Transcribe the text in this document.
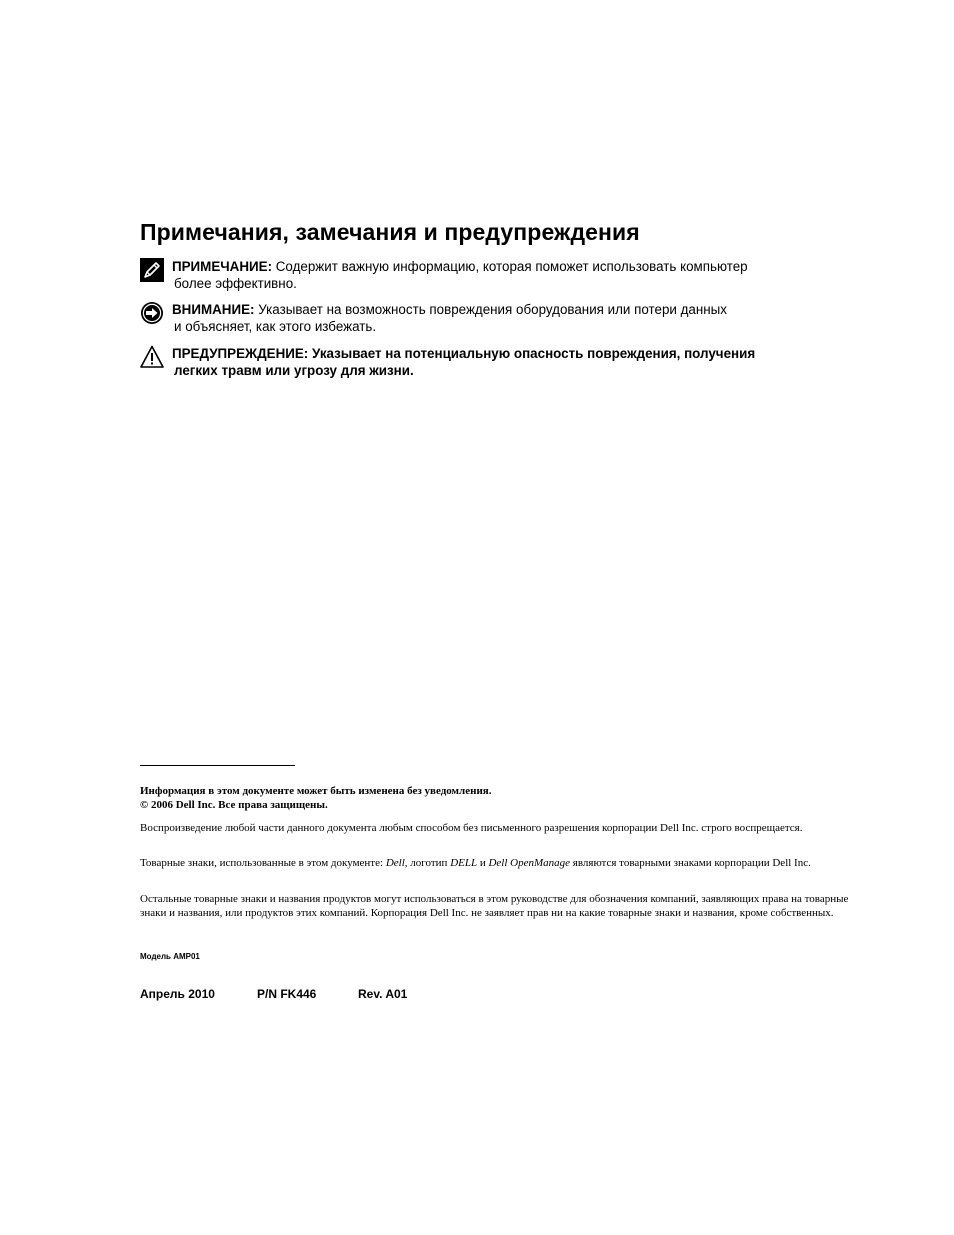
Примечания, замечания и предупреждения
ПРИМЕЧАНИЕ: Содержит важную информацию, которая поможет использовать компьютер
более эффективно.
ВНИМАНИЕ: Указывает на возможность повреждения оборудования или потери данных
и объясняет, как этого избежать.
ПРЕДУПРЕЖДЕНИЕ: Указывает на потенциальную опасность повреждения, получения
легких травм или угрозу для жизни.

Информация в этом документе может быть изменена без уведомления.

© 2006 Dell Inc. Все права защищены.

Воспроизведение любой части данного документа любым способом без письменного разрешения корпорации Dell Inc. строго воспрещается.

Товарные знаки, использованные в этом документе: Dell, логотип DELL и Dell OpenManage являются товарными знаками корпорации Dell Inc.

Остальные товарные знаки и названия продуктов могут использоваться в этом руководстве для обозначения компаний, заявляющих права на товарные знаки и названия, или продуктов этих компаний. Корпорация Dell Inc. не заявляет прав ни на какие товарные знаки и названия, кроме собственных.

Модель AMP01
Апрель 2010	P/N FK446	Rev. A01
